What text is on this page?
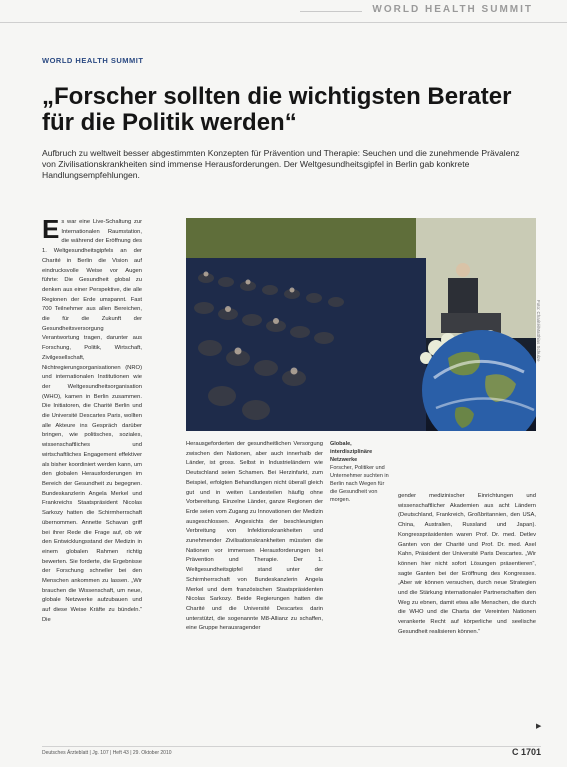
WORLD HEALTH SUMMIT
WORLD HEALTH SUMMIT
„Forscher sollten die wichtigsten Berater für die Politik werden“
Aufbruch zu weltweit besser abgestimmten Konzepten für Prävention und Therapie: Seuchen und die zunehmende Prävalenz von Zivilisationskrankheiten sind immense Herausforderungen. Der Weltgesundheitsgipfel in Berlin gab konkrete Handlungsempfehlungen.
Es war eine Live-Schaltung zur Internationalen Raumstation, die während der Eröffnung des 1. Weltgesundheitsgipfels an der Charité in Berlin die Vision auf eindrucksvolle Weise vor Augen führte: Die Gesundheit global zu denken aus einer Perspektive, die alle Regionen der Erde umspannt. Fast 700 Teilnehmer aus allen Bereichen, die für die Zukunft der Gesundheitsversorgung Verantwortung tragen, darunter aus Forschung, Politik, Wirtschaft, Zivilgesellschaft, Nichtregierungsorganisationen (NRO) und internationalen Institutionen wie der Weltgesundheitsorganisation (WHO), kamen in Berlin zusammen. Die Initiatoren, die Charité Berlin und die Université Descartes Paris, wollten alle Akteure ins Gespräch darüber bringen, wie politisches, soziales, wissenschaftliches und wirtschaftliches Engagement effektiver als bisher koordiniert werden kann, um den globalen Herausforderungen im Bereich der Gesundheit zu begegnen. Bundeskanzlerin Angela Merkel und Frankreichs Staatspräsident Nicolas Sarkozy hatten die Schirmherrschaft übernommen. Annette Schavan griff bei ihrer Rede die Frage auf, ob wir den Entwicklungsstand der Medizin in einem globalen Rahmen richtig bewerten. Sie forderte, die Ergebnisse der Forschung schneller bei den Menschen ankommen zu lassen. „Wir brauchen die Wissenschaft, um neue, globale Netzwerke aufzubauen und auf diese Weise Kräfte zu bündeln.“ Die
Foto: Charité/Matthias Schulze
Herausgeforderten der gesundheitlichen Versorgung zwischen den Nationen, aber auch innerhalb der Länder, ist gross. Selbst in Industrieländern wie Deutschland seien Schamen. Bei Herzinfarkt, zum Beispiel, erfolgten Behandlungen nicht überall gleich gut und in weiten Landesteilen häufig ohne Vorbereitung. Einzelne Länder, ganze Regionen der Erde seien vom Zugang zu Innovationen der Medizin ausgeschlossen. Angesichts der beschleunigten Verbreitung von Infektionskrankheiten und zunehmender Zivilisationskrankheiten müssten die Nationen vor immensen Herausforderungen bei Prävention und Therapie. Der 1. Weltgesundheitsgipfel stand unter der Schirmherrschaft von Bundeskanzlerin Angela Merkel und dem französischen Staatspräsidenten Nicolas Sarkozy. Beide Regierungen hatten die Charité und die Université Descartes darin unterstützt, die sogenannte M8-Allianz zu schaffen, eine Gruppe herausragender
Globale, interdisziplinäre Netzwerke
Forscher, Politiker und Unternehmer suchten in Berlin nach Wegen für die Gesundheit von morgen.
gender medizinischer Einrichtungen und wissenschaftlicher Akademien aus acht Ländern (Deutschland, Frankreich, Großbritannien, den USA, China, Australien, Russland und Japan). Kongresspräsidenten waren Prof. Dr. med. Detlev Ganten von der Charité und Prof. Dr. med. Axel Kahn, Präsident der Université Paris Descartes. „Wir können hier nicht sofort Lösungen präsentieren“, sagte Ganten bei der Eröffnung des Kongresses. „Aber wir können versuchen, durch neue Strategien und die Stärkung internationaler Partnerschaften den Weg zu ebnen, damit etwa alle Menschen, die durch die WHO und die Charta der Vereinten Nationen verankerte Recht auf körperliche und seelische Gesundheit realisieren können.“
▶
Deutsches Ärzteblatt | Jg. 107 | Heft 43 | 29. Oktober 2010	C 1701
